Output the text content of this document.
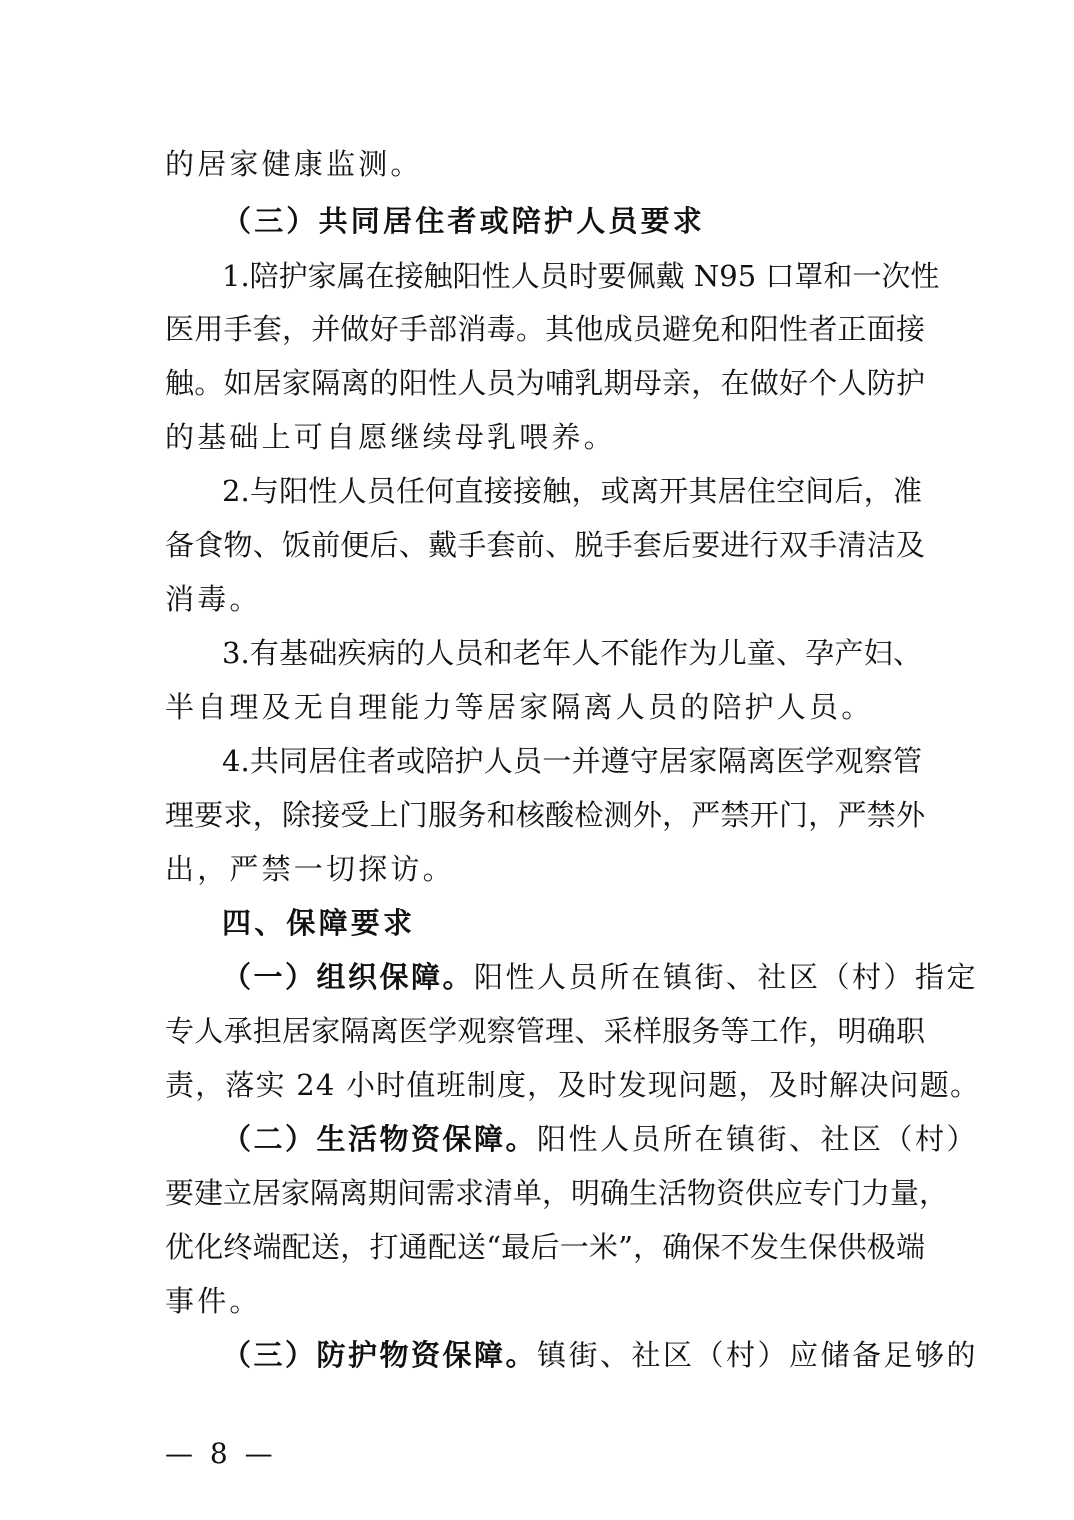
的居家健康监测。
（三）共同居住者或陪护人员要求
1.陪护家属在接触阳性人员时要佩戴 N95 口罩和一次性
医用手套，并做好手部消毒。其他成员避免和阳性者正面接
触。如居家隔离的阳性人员为哺乳期母亲，在做好个人防护
的基础上可自愿继续母乳喂养。
2.与阳性人员任何直接接触，或离开其居住空间后，准
备食物、饭前便后、戴手套前、脱手套后要进行双手清洁及
消毒。
3.有基础疾病的人员和老年人不能作为儿童、孕产妇、
半自理及无自理能力等居家隔离人员的陪护人员。
4.共同居住者或陪护人员一并遵守居家隔离医学观察管
理要求，除接受上门服务和核酸检测外，严禁开门，严禁外
出，严禁一切探访。
四、保障要求
（一）组织保障。阳性人员所在镇街、社区（村）指定
专人承担居家隔离医学观察管理、采样服务等工作，明确职
责，落实 24 小时值班制度，及时发现问题，及时解决问题。
（二）生活物资保障。阳性人员所在镇街、社区（村）
要建立居家隔离期间需求清单，明确生活物资供应专门力量，
优化终端配送，打通配送“最后一米”，确保不发生保供极端
事件。
（三）防护物资保障。镇街、社区（村）应储备足够的
— 8 —
